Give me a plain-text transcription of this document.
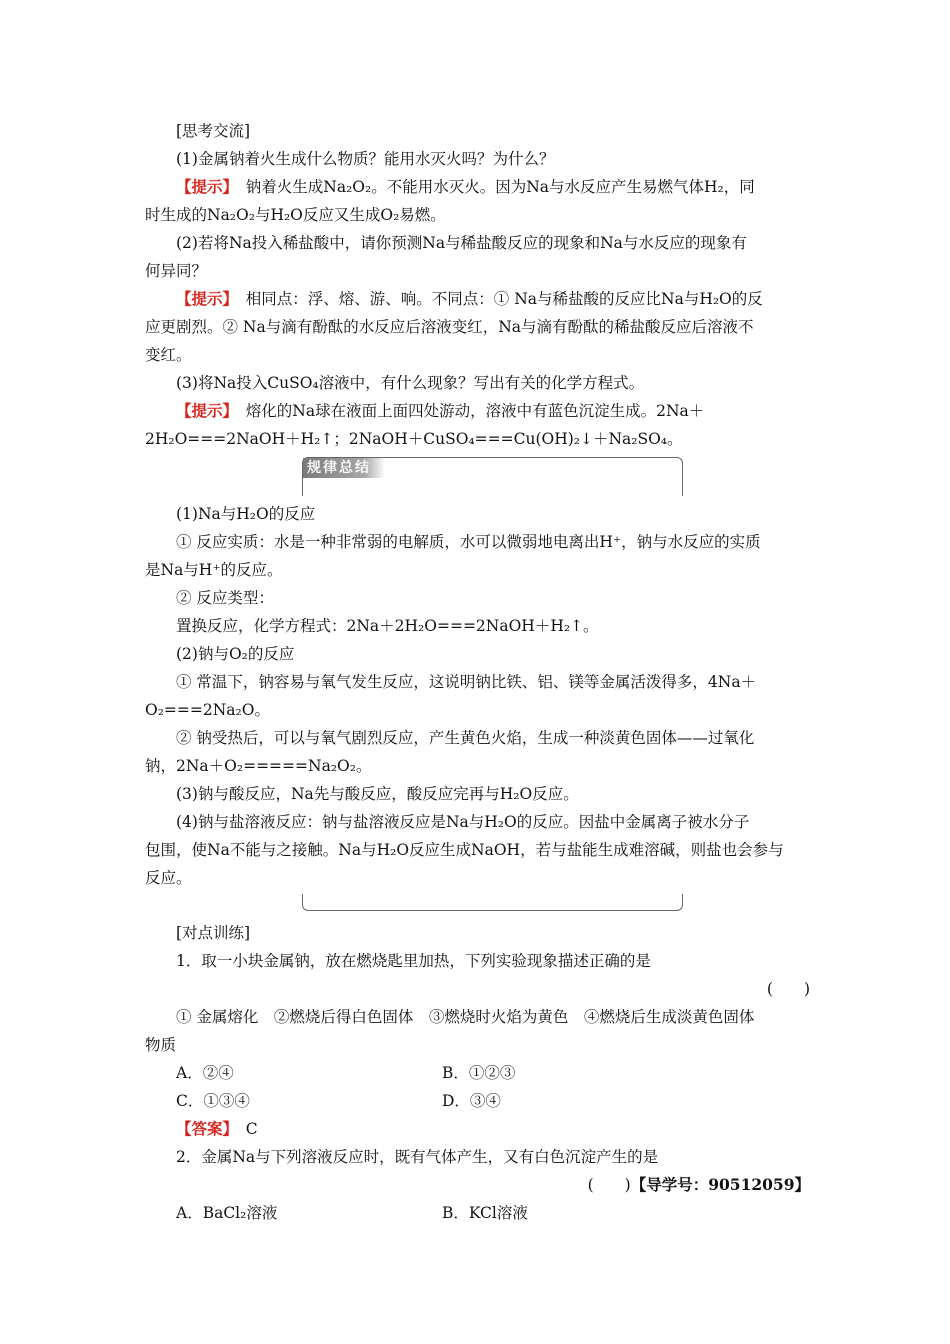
[思考交流]

(1)金属钠着火生成什么物质？能用水灭火吗？为什么？

【提示】　 钠着火生成Na₂O₂。不能用水灭火。因为Na与水反应产生易燃气体H₂，同

时生成的Na₂O₂与H₂O反应又生成O₂易燃。

(2)若将Na投入稀盐酸中，请你预测Na与稀盐酸反应的现象和Na与水反应的现象有

何异同？

【提示】　 相同点：浮、熔、游、响。不同点：① Na与稀盐酸的反应比Na与H₂O的反

应更剧烈。② Na与滴有酚酞的水反应后溶液变红，Na与滴有酚酞的稀盐酸反应后溶液不

变红。

(3)将Na投入CuSO₄溶液中，有什么现象？写出有关的化学方程式。

【提示】　 熔化的Na球在液面上面四处游动，溶液中有蓝色沉淀生成。2Na＋

2H₂O===2NaOH＋H₂↑；2NaOH＋CuSO₄===Cu(OH)₂↓＋Na₂SO₄。

规律总结

(1)Na与H₂O的反应

① 反应实质：水是一种非常弱的电解质，水可以微弱地电离出H⁺，钠与水反应的实质

是Na与H⁺的反应。

② 反应类型：

置换反应，化学方程式：2Na＋2H₂O===2NaOH＋H₂↑。

(2)钠与O₂的反应

① 常温下，钠容易与氧气发生反应，这说明钠比铁、铝、镁等金属活泼得多，4Na＋

O₂===2Na₂O。

② 钠受热后，可以与氧气剧烈反应，产生黄色火焰，生成一种淡黄色固体——过氧化

钠，2Na＋O₂=====Na₂O₂。

(3)钠与酸反应，Na先与酸反应，酸反应完再与H₂O反应。

(4)钠与盐溶液反应：钠与盐溶液反应是Na与H₂O的反应。因盐中金属离子被水分子

包围，使Na不能与之接触。Na与H₂O反应生成NaOH，若与盐能生成难溶碱，则盐也会参与

反应。

[对点训练]

1．取一小块金属钠，放在燃烧匙里加热，下列实验现象描述正确的是

(　　)

① 金属熔化　②燃烧后得白色固体　③燃烧时火焰为黄色　④燃烧后生成淡黄色固体

物质

A．②④	B．①②③

C．①③④	D．③④

【答案】　 C

2．金属Na与下列溶液反应时，既有气体产生，又有白色沉淀产生的是

(　　)【导学号：90512059】

A．BaCl₂溶液	B．KCl溶液
